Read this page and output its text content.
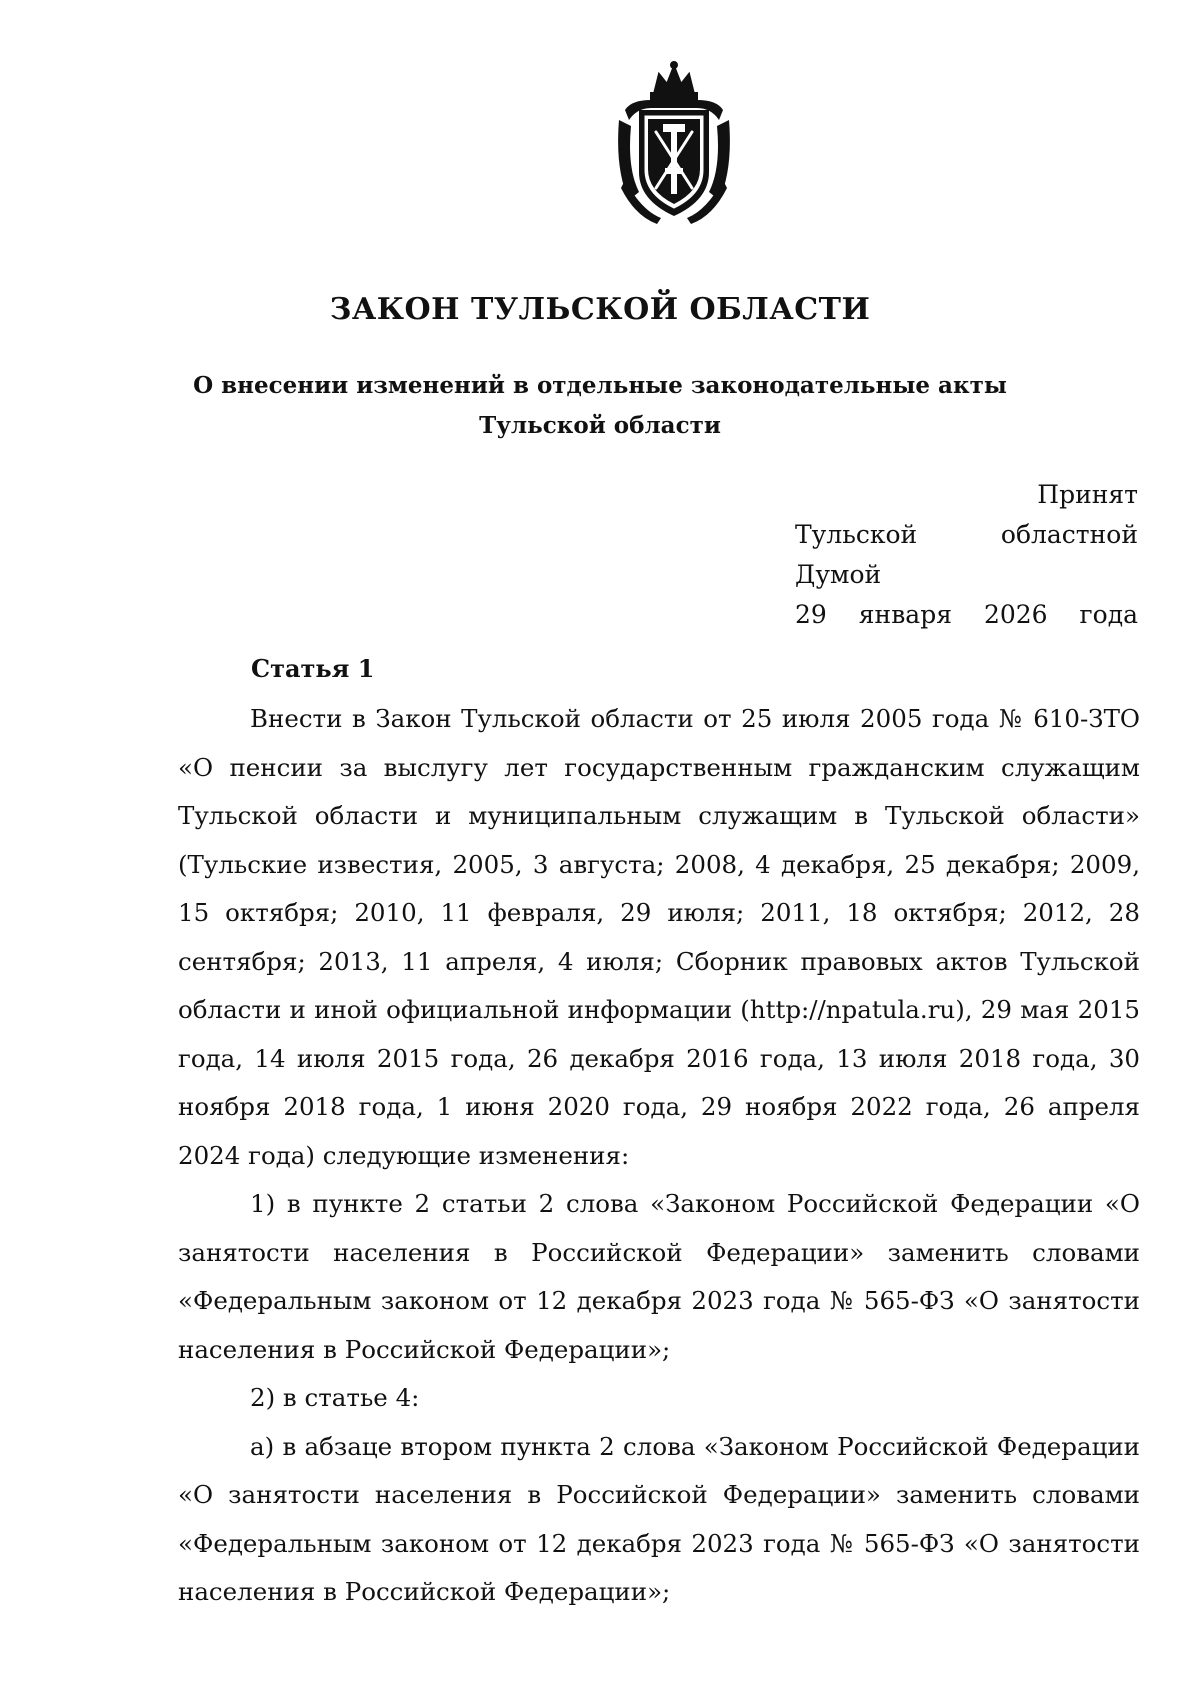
ЗАКОН ТУЛЬСКОЙ ОБЛАСТИ
О внесении изменений в отдельные законодательные акты
Тульской области
Принят
Тульской областной Думой
29 января 2026 года
Статья 1

Внести в Закон Тульской области от 25 июля 2005 года № 610-ЗТО «О пенсии за выслугу лет государственным гражданским служащим Тульской области и муниципальным служащим в Тульской области» (Тульские известия, 2005, 3 августа; 2008, 4 декабря, 25 декабря; 2009, 15 октября; 2010, 11 февраля, 29 июля; 2011, 18 октября; 2012, 28 сентября; 2013, 11 апреля, 4 июля; Сборник правовых актов Тульской области и иной официальной информации (http://npatula.ru), 29 мая 2015 года, 14 июля 2015 года, 26 декабря 2016 года, 13 июля 2018 года, 30 ноября 2018 года, 1 июня 2020 года, 29 ноября 2022 года, 26 апреля 2024 года) следующие изменения:

1) в пункте 2 статьи 2 слова «Законом Российской Федерации «О занятости населения в Российской Федерации» заменить словами «Федеральным законом от 12 декабря 2023 года № 565-ФЗ «О занятости населения в Российской Федерации»;

2) в статье 4:

а) в абзаце втором пункта 2 слова «Законом Российской Федерации «О занятости населения в Российской Федерации» заменить словами «Федеральным законом от 12 декабря 2023 года № 565-ФЗ «О занятости населения в Российской Федерации»;
